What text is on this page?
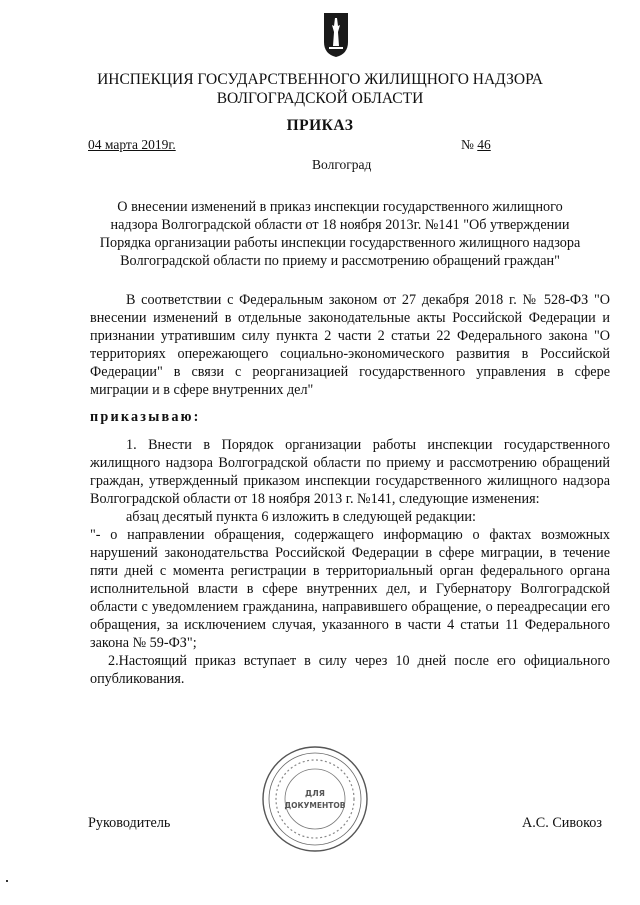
ИНСПЕКЦИЯ ГОСУДАРСТВЕННОГО ЖИЛИЩНОГО НАДЗОРА
ВОЛГОГРАДСКОЙ ОБЛАСТИ
ПРИКАЗ
04 марта 2019г.	№ 46
Волгоград
О внесении изменений в приказ инспекции государственного жилищного
надзора Волгоградской области от 18 ноября 2013г. №141 "Об утверждении
Порядка организации работы инспекции государственного жилищного надзора
Волгоградской области по приему и рассмотрению обращений граждан"

В соответствии с Федеральным законом от 27 декабря 2018 г. № 528-ФЗ "О внесении изменений в отдельные законодательные акты Российской Федерации и признании утратившим силу пункта 2 части 2 статьи 22 Федерального закона "О территориях опережающего социально-экономического развития в Российской Федерации" в связи с реорганизацией государственного управления в сфере миграции и в сфере внутренних дел"

приказываю:

1. Внести в Порядок организации работы инспекции государственного жилищного надзора Волгоградской области по приему и рассмотрению обращений граждан, утвержденный приказом инспекции государственного жилищного надзора Волгоградской области от 18 ноября 2013 г. №141, следующие изменения:

абзац десятый пункта 6 изложить в следующей редакции:

"- о направлении обращения, содержащего информацию о фактах возможных нарушений законодательства Российской Федерации в сфере миграции, в течение пяти дней с момента регистрации в территориальный орган федерального органа исполнительной власти в сфере внутренних дел, и Губернатору Волгоградской области с уведомлением гражданина, направившего обращение, о переадресации его обращения, за исключением случая, указанного в части 4 статьи 11 Федерального закона № 59-ФЗ";

2.Настоящий приказ вступает в силу через 10 дней после его официального опубликования.

Руководитель	А.С. Сивокоз
ДЛЯ
ДОКУМЕНТОВ
